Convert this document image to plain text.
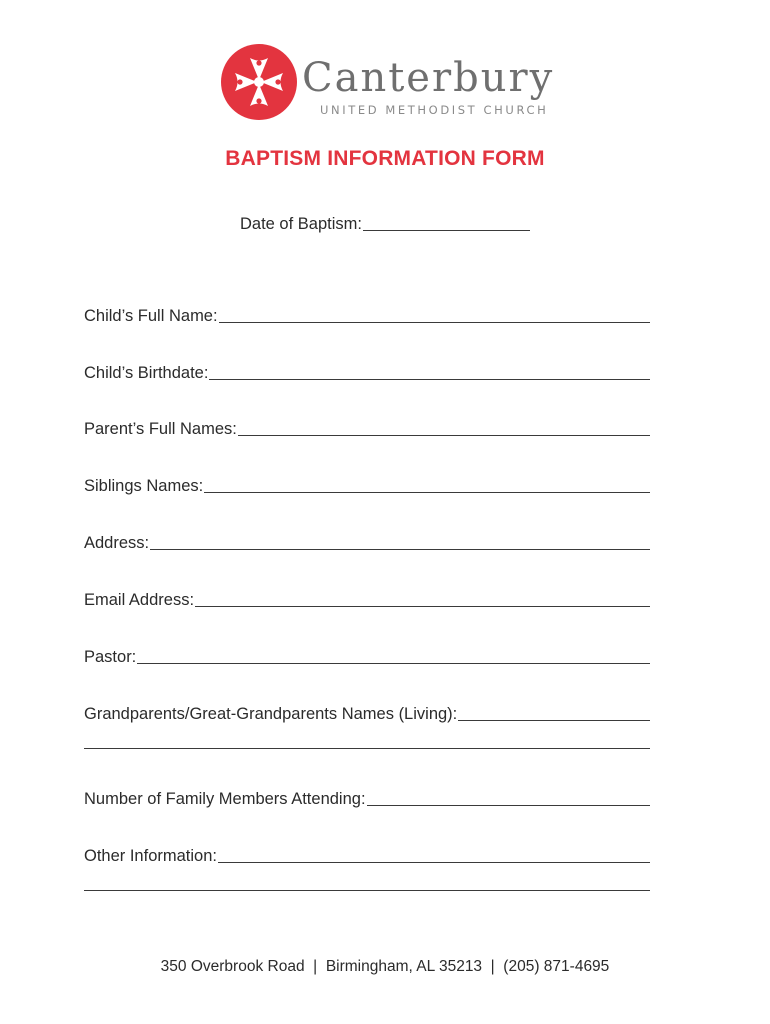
Canterbury
UNITED METHODIST CHURCH
BAPTISM INFORMATION FORM
Date of Baptism:
Child’s Full Name:
Child’s Birthdate:
Parent’s Full Names:
Siblings Names:
Address:
Email Address:
Pastor:
Grandparents/Great-Grandparents Names (Living):
Number of Family Members Attending:
Other Information:
350 Overbrook Road  |  Birmingham, AL 35213  |  (205) 871-4695
